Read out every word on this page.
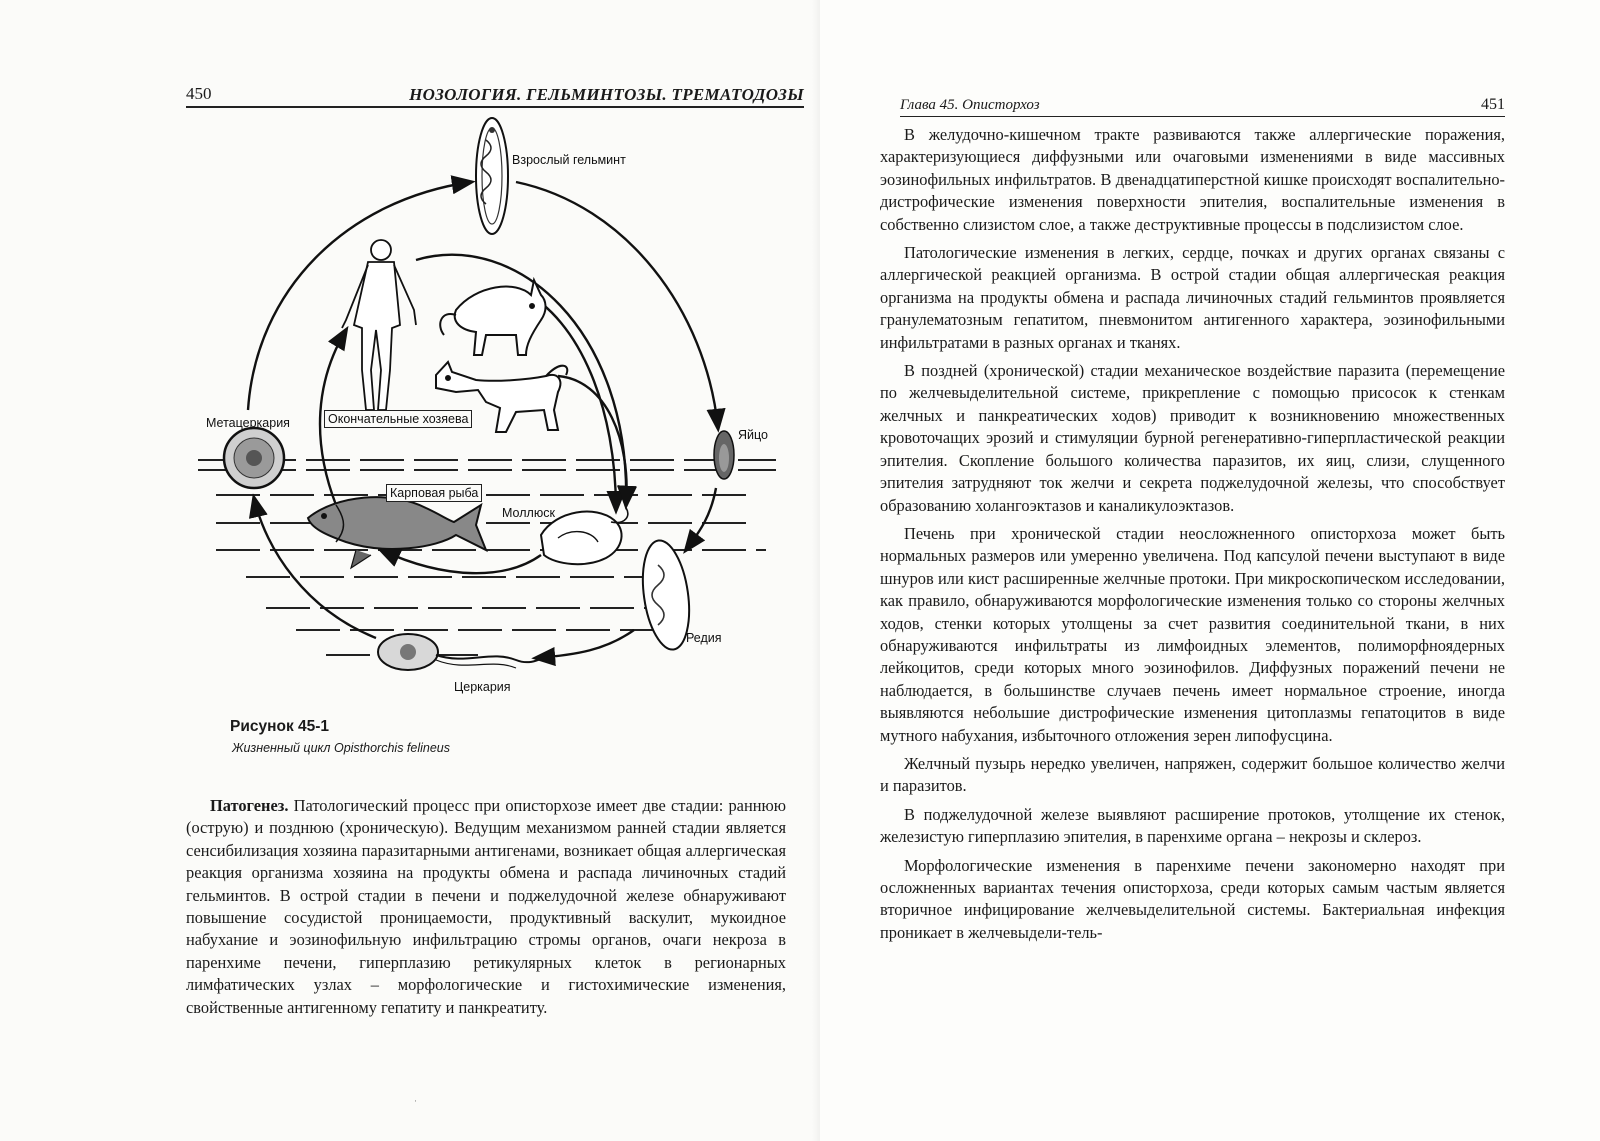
450	НОЗОЛОГИЯ. ГЕЛЬМИНТОЗЫ. ТРЕМАТОДОЗЫ
Взрослый гельминт
Яйцо
Редия
Церкария
Метацеркария	Окончательные хозяева
Карповая рыба
Моллюск
Рисунок 45-1
Жизненный цикл Opisthorchis felineus

Патогенез. Патологический процесс при описторхозе имеет две стадии: раннюю (острую) и позднюю (хроническую). Ведущим механизмом ранней стадии является сенсибилизация хозяина паразитарными антигенами, возникает общая аллергическая реакция организма хозяина на продукты обмена и распада личиночных стадий гельминтов. В острой стадии в печени и поджелудочной железе обнаруживают повышение сосудистой проницаемости, продуктивный васкулит, мукоидное набухание и эозинофильную инфильтрацию стромы органов, очаги некроза в паренхиме печени, гиперплазию ретикулярных клеток в регионарных лимфатических узлах – морфологические и гистохимические изменения, свойственные антигенному гепатиту и панкреатиту.

·
Глава 45. Описторхоз	451

В желудочно-кишечном тракте развиваются также аллергические поражения, характеризующиеся диффузными или очаговыми изменениями в виде массивных эозинофильных инфильтратов. В двенадцатиперстной кишке происходят воспалительно-дистрофические изменения поверхности эпителия, воспалительные изменения в собственно слизистом слое, а также деструктивные процессы в подслизистом слое.

Патологические изменения в легких, сердце, почках и других органах связаны с аллергической реакцией организма. В острой стадии общая аллергическая реакция организма на продукты обмена и распада личиночных стадий гельминтов проявляется гранулематозным гепатитом, пневмонитом антигенного характера, эозинофильными инфильтратами в разных органах и тканях.

В поздней (хронической) стадии механическое воздействие паразита (перемещение по желчевыделительной системе, прикрепление с помощью присосок к стенкам желчных и панкреатических ходов) приводит к возникновению множественных кровоточащих эрозий и стимуляции бурной регенеративно-гиперпластической реакции эпителия. Скопление большого количества паразитов, их яиц, слизи, слущенного эпителия затрудняют ток желчи и секрета поджелудочной железы, что способствует образованию холангоэктазов и каналикулоэктазов.

Печень при хронической стадии неосложненного описторхоза может быть нормальных размеров или умеренно увеличена. Под капсулой печени выступают в виде шнуров или кист расширенные желчные протоки. При микроскопическом исследовании, как правило, обнаруживаются морфологические изменения только со стороны желчных ходов, стенки которых утолщены за счет развития соединительной ткани, в них обнаруживаются инфильтраты из лимфоидных элементов, полиморфноядерных лейкоцитов, среди которых много эозинофилов. Диффузных поражений печени не наблюдается, в большинстве случаев печень имеет нормальное строение, иногда выявляются небольшие дистрофические изменения цитоплазмы гепатоцитов в виде мутного набухания, избыточного отложения зерен липофусцина.

Желчный пузырь нередко увеличен, напряжен, содержит большое количество желчи и паразитов.

В поджелудочной железе выявляют расширение протоков, утолщение их стенок, железистую гиперплазию эпителия, в паренхиме органа – некрозы и склероз.

Морфологические изменения в паренхиме печени закономерно находят при осложненных вариантах течения описторхоза, среди которых самым частым является вторичное инфицирование желчевыделительной системы. Бактериальная инфекция проникает в желчевыдели-тель-
